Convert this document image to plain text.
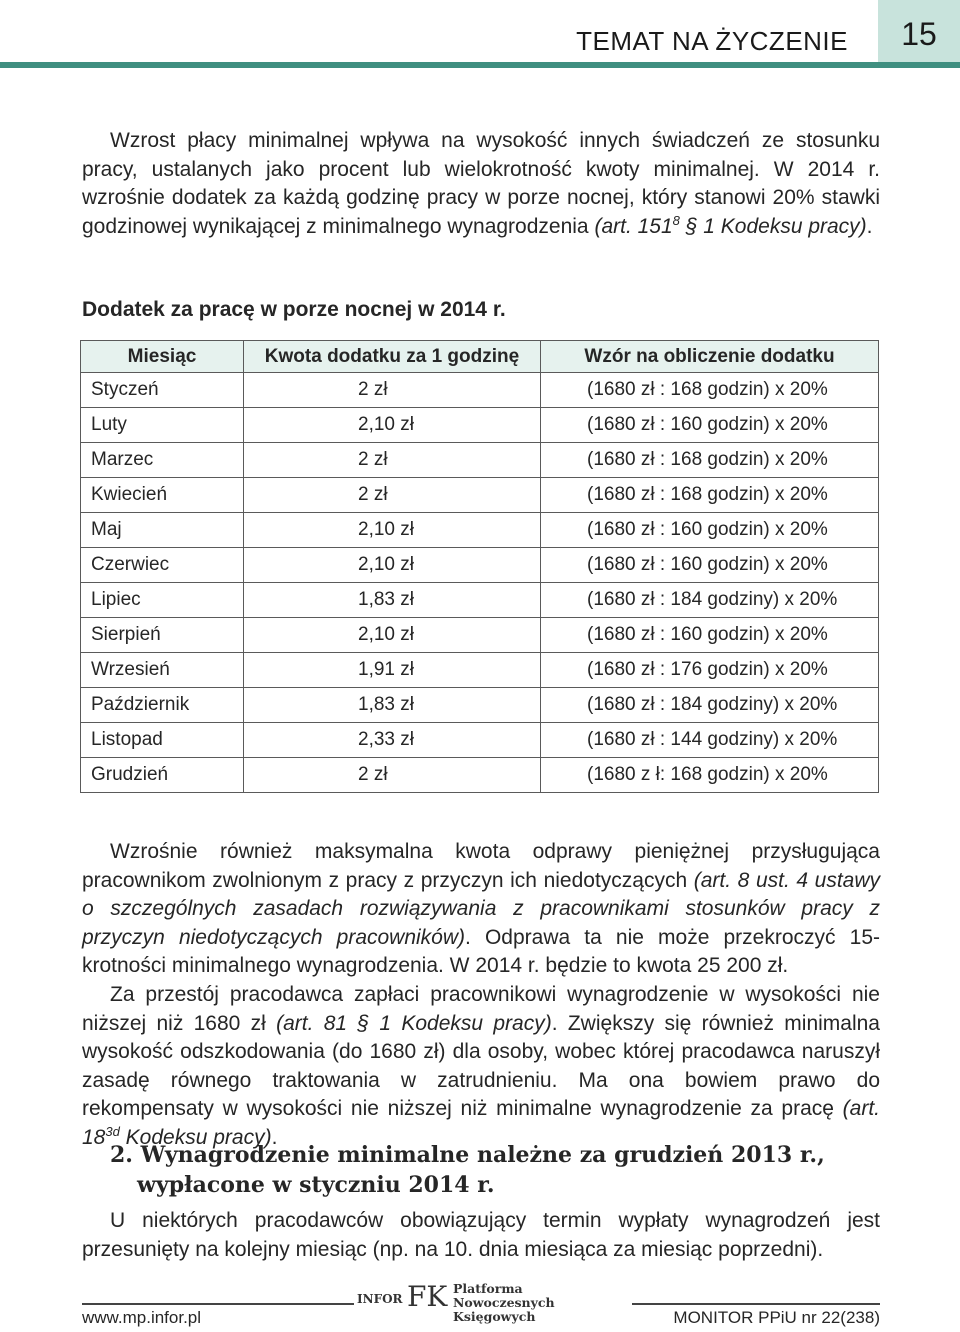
TEMAT NA ŻYCZENIE	15
Wzrost płacy minimalnej wpływa na wysokość innych świadczeń ze stosunku pracy, ustalanych jako procent lub wielokrotność kwoty minimalnej. W 2014 r. wzrośnie dodatek za każdą godzinę pracy w porze nocnej, który stanowi 20% stawki godzinowej wynikającej z minimalnego wynagrodzenia (art. $151^8$ § 1 Kodeksu pracy).
Dodatek za pracę w porze nocnej w 2014 r.
Miesiąc	Kwota dodatku za 1 godzinę	Wzór na obliczenie dodatku
Styczeń	2 zł	(1680 zł : 168 godzin) x 20%
Luty	2,10 zł	(1680 zł : 160 godzin) x 20%
Marzec	2 zł	(1680 zł : 168 godzin) x 20%
Kwiecień	2 zł	(1680 zł : 168 godzin) x 20%
Maj	2,10 zł	(1680 zł : 160 godzin) x 20%
Czerwiec	2,10 zł	(1680 zł : 160 godzin) x 20%
Lipiec	1,83 zł	(1680 zł : 184 godziny) x 20%
Sierpień	2,10 zł	(1680 zł : 160 godzin) x 20%
Wrzesień	1,91 zł	(1680 zł : 176 godzin) x 20%
Październik	1,83 zł	(1680 zł : 184 godziny) x 20%
Listopad	2,33 zł	(1680 zł : 144 godziny) x 20%
Grudzień	2 zł	(1680 z ł: 168 godzin) x 20%
Wzrośnie również maksymalna kwota odprawy pieniężnej przysługująca pracownikom zwolnionym z pracy z przyczyn ich niedotyczących (art. 8 ust. 4 ustawy o szczególnych zasadach rozwiązywania z pracownikami stosunków pracy z przyczyn niedotyczących pracowników). Odprawa ta nie może przekroczyć 15-krotności minimalnego wynagrodzenia. W 2014 r. będzie to kwota 25 200 zł.
Za przestój pracodawca zapłaci pracownikowi wynagrodzenie w wysokości nie niższej niż 1680 zł (art. 81 § 1 Kodeksu pracy). Zwiększy się również minimalna wysokość odszkodowania (do 1680 zł) dla osoby, wobec której pracodawca naruszył zasadę równego traktowania w zatrudnieniu. Ma ona bowiem prawo do rekompensaty w wysokości nie niższej niż minimalne wynagrodzenie za pracę (art. $18^{3d}$ Kodeksu pracy).
2. Wynagrodzenie minimalne należne za grudzień 2013 r.,
wypłacone w styczniu 2014 r.
U niektórych pracodawców obowiązujący termin wypłaty wynagrodzeń jest przesunięty na kolejny miesiąc (np. na 10. dnia miesiąca za miesiąc poprzedni).
INFOR FK Platforma
Nowoczesnych Księgowych
www.mp.infor.pl	MONITOR PPiU nr 22(238)
